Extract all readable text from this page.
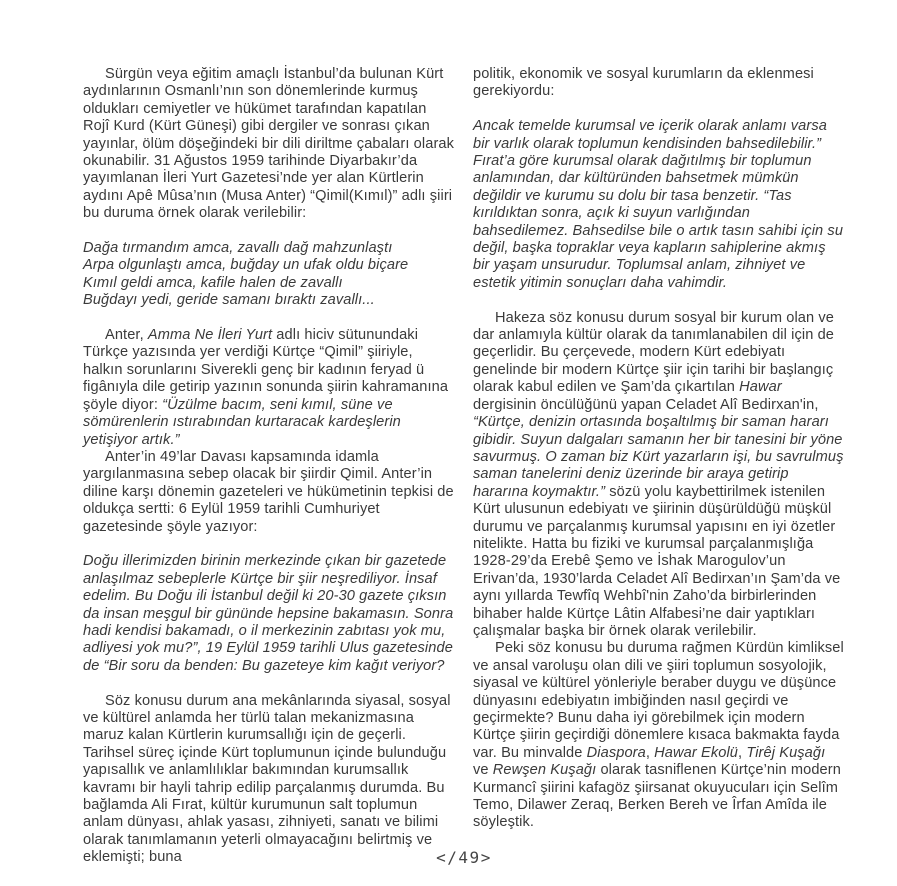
Sürgün veya eğitim amaçlı İstanbul’da bulunan Kürt aydınlarının Osmanlı’nın son dönemlerinde kurmuş oldukları cemiyetler ve hükümet tarafından kapatılan Rojî Kurd (Kürt Güneşi) gibi dergiler ve sonrası çıkan yayınlar, ölüm döşeğindeki bir dili diriltme çabaları olarak okunabilir. 31 Ağustos 1959 tarihinde Diyarbakır’da yayımlanan İleri Yurt Gazetesi’nde yer alan Kürtlerin aydını Apê Mûsa’nın (Musa Anter) “Qimil(Kımıl)” adlı şiiri bu duruma örnek olarak verilebilir:

Dağa tırmandım amca, zavallı dağ mahzunlaştı
Arpa olgunlaştı amca, buğday un ufak oldu biçare
Kımıl geldi amca, kafile halen de zavallı
Buğdayı yedi, geride samanı bıraktı zavallı...

Anter, Amma Ne İleri Yurt adlı hiciv sütunundaki Türkçe yazısında yer verdiği Kürtçe “Qimil” şiiriyle, halkın sorunlarını Siverekli genç bir kadının feryad ü figânıyla dile getirip yazının sonunda şiirin kahramanına şöyle diyor: “Üzülme bacım, seni kımıl, süne ve sömürenlerin ıstırabından kurtaracak kardeşlerin yetişiyor artık.”

Anter’in 49’lar Davası kapsamında idamla yargılanmasına sebep olacak bir şiirdir Qimil. Anter’in diline karşı dönemin gazeteleri ve hükümetinin tepkisi de oldukça sertti: 6 Eylül 1959 tarihli Cumhuriyet gazetesinde şöyle yazıyor:

Doğu illerimizden birinin merkezinde çıkan bir gazetede anlaşılmaz sebeplerle Kürtçe bir şiir neşrediliyor. İnsaf edelim. Bu Doğu ili İstanbul değil ki 20-30 gazete çıksın da insan meşgul bir gününde hepsine bakamasın. Sonra hadi kendisi bakamadı, o il merkezinin zabıtası yok mu, adliyesi yok mu?”, 19 Eylül 1959 tarihli Ulus gazetesinde de “Bir soru da benden: Bu gazeteye kim kağıt veriyor?

Söz konusu durum ana mekânlarında siyasal, sosyal ve kültürel anlamda her türlü talan mekanizmasına maruz kalan Kürtlerin kurumsallığı için de geçerli. Tarihsel süreç içinde Kürt toplumunun içinde bulunduğu yapısallık ve anlamlılıklar bakımından kurumsallık kavramı bir hayli tahrip edilip parçalanmış durumda. Bu bağlamda Ali Fırat, kültür kurumunun salt toplumun anlam dünyası, ahlak yasası, zihniyeti, sanatı ve bilimi olarak tanımlamanın yeterli olmayacağını belirtmiş ve eklemişti; buna

politik, ekonomik ve sosyal kurumların da eklenmesi gerekiyordu:

Ancak temelde kurumsal ve içerik olarak anlamı varsa bir varlık olarak toplumun kendisinden bahsedilebilir.” Fırat’a göre kurumsal olarak dağıtılmış bir toplumun anlamından, dar kültüründen bahsetmek mümkün değildir ve kurumu su dolu bir tasa benzetir. “Tas kırıldıktan sonra, açık ki suyun varlığından bahsedilemez. Bahsedilse bile o artık tasın sahibi için su değil, başka topraklar veya kapların sahiplerine akmış bir yaşam unsurudur. Toplumsal anlam, zihniyet ve estetik yitimin sonuçları daha vahimdir.

Hakeza söz konusu durum sosyal bir kurum olan ve dar anlamıyla kültür olarak da tanımlanabilen dil için de geçerlidir. Bu çerçevede, modern Kürt edebiyatı genelinde bir modern Kürtçe şiir için tarihi bir başlangıç olarak kabul edilen ve Şam’da çıkartılan Hawar dergisinin öncülüğünü yapan Celadet Alî Bedirxan'in, “Kürtçe, denizin ortasında boşaltılmış bir saman hararı gibidir. Suyun dalgaları samanın her bir tanesini bir yöne savurmuş. O zaman biz Kürt yazarların işi, bu savrulmuş saman tanelerini deniz üzerinde bir araya getirip hararına koymaktır.” sözü yolu kaybettirilmek istenilen Kürt ulusunun edebiyatı ve şiirinin düşürüldüğü müşkül durumu ve parçalanmış kurumsal yapısını en iyi özetler nitelikte. Hatta bu fiziki ve kurumsal parçalanmışlığa 1928-29’da Erebê Şemo ve İshak Marogulov’un Erivan’da, 1930’larda Celadet Alî Bedirxan’ın Şam’da ve aynı yıllarda Tewfîq Wehbî'nin Zaho’da birbirlerinden bihaber halde Kürtçe Lâtin Alfabesi’ne dair yaptıkları çalışmalar başka bir örnek olarak verilebilir.

Peki söz konusu bu duruma rağmen Kürdün kimliksel ve ansal varoluşu olan dili ve şiiri toplumun sosyolojik, siyasal ve kültürel yönleriyle beraber duygu ve düşünce dünyasını edebiyatın imbiğinden nasıl geçirdi ve geçirmekte? Bunu daha iyi görebilmek için modern Kürtçe şiirin geçirdiği dönemlere kısaca bakmakta fayda var. Bu minvalde Diaspora, Hawar Ekolü, Tirêj Kuşağı ve Rewşen Kuşağı olarak tasniflenen Kürtçe’nin modern Kurmancî şiirini kafagöz şiirsanat okuyucuları için Selîm Temo, Dilawer Zeraq, Berken Bereh ve Îrfan Amîda ile söyleştik.

</49>
